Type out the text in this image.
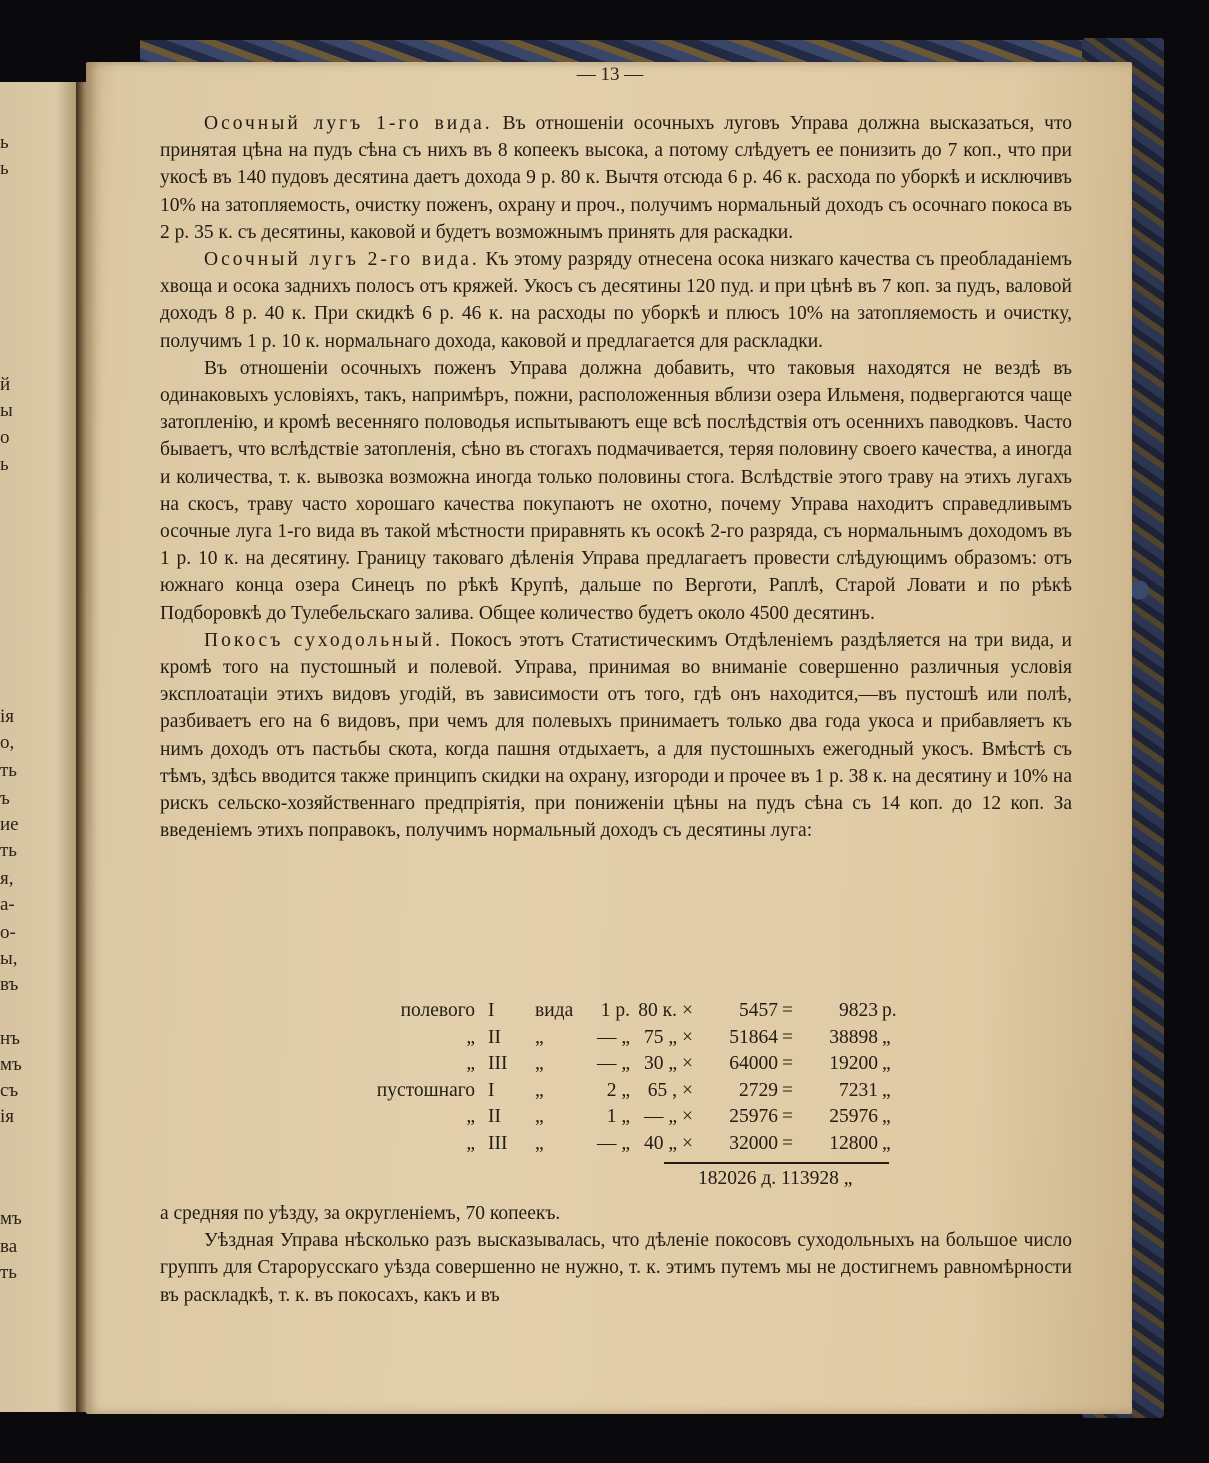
ь
ь
й
ы
о
ь
ія
о,
ть
ъ
ие
ть
я,
а-
о-
ы,
въ
нъ
мъ
съ
ія
мъ
ва
ть
— 13 —

Осочный лугъ 1-го вида. Въ отношеніи осочныхъ луговъ Управа должна высказаться, что принятая цѣна на пудъ сѣна съ нихъ въ 8 копеекъ высока, а потому слѣдуетъ ее понизить до 7 коп., что при укосѣ въ 140 пудовъ десятина даетъ дохода 9 р. 80 к. Вычтя отсюда 6 р. 46 к. расхода по уборкѣ и исключивъ 10% на затопляемость, очистку поженъ, охрану и проч., получимъ нормальный доходъ съ осочнаго покоса въ 2 р. 35 к. съ десятины, каковой и будетъ возможнымъ принять для раскадки.

Осочный лугъ 2-го вида. Къ этому разряду отнесена осока низкаго качества съ преобладаніемъ хвоща и осока заднихъ полосъ отъ кряжей. Укосъ съ десятины 120 пуд. и при цѣнѣ въ 7 коп. за пудъ, валовой доходъ 8 р. 40 к. При скидкѣ 6 р. 46 к. на расходы по уборкѣ и плюсъ 10% на затопляемость и очистку, получимъ 1 р. 10 к. нормальнаго дохода, каковой и предлагается для раскладки.

Въ отношеніи осочныхъ поженъ Управа должна добавить, что таковыя находятся не вездѣ въ одинаковыхъ условіяхъ, такъ, напримѣръ, пожни, расположенныя вблизи озера Ильменя, подвергаются чаще затопленію, и кромѣ весенняго половодья испытываютъ еще всѣ послѣдствія отъ осеннихъ паводковъ. Часто бываетъ, что вслѣдствіе затопленія, сѣно въ стогахъ подмачивается, теряя половину своего качества, а иногда и количества, т. к. вывозка возможна иногда только половины стога. Вслѣдствіе этого траву на этихъ лугахъ на скосъ, траву часто хорошаго качества покупаютъ не охотно, почему Управа находитъ справедливымъ осочные луга 1-го вида въ такой мѣстности приравнять къ осокѣ 2-го разряда, съ нормальнымъ доходомъ въ 1 р. 10 к. на десятину. Границу таковаго дѣленія Управа предлагаетъ провести слѣдующимъ образомъ: отъ южнаго конца озера Синецъ по рѣкѣ Крупѣ, дальше по Верготи, Раплѣ, Старой Ловати и по рѣкѣ Подборовкѣ до Тулебельскаго залива. Общее количество будетъ около 4500 десятинъ.

Покосъ суходольный. Покосъ этотъ Статистическимъ Отдѣленіемъ раздѣляется на три вида, и кромѣ того на пустошный и полевой. Управа, принимая во вниманіе совершенно различныя условія эксплоатаціи этихъ видовъ угодій, въ зависимости отъ того, гдѣ онъ находится,—въ пустошѣ или полѣ, разбиваетъ его на 6 видовъ, при чемъ для полевыхъ принимаетъ только два года укоса и прибавляетъ къ нимъ доходъ отъ пастьбы скота, когда пашня отдыхаетъ, а для пустошныхъ ежегодный укосъ. Вмѣстѣ съ тѣмъ, здѣсь вводится также принципъ скидки на охрану, изгороди и прочее въ 1 р. 38 к. на десятину и 10% на рискъ сельско-хозяйственнаго предпріятія, при пониженіи цѣны на пудъ сѣна съ 14 коп. до 12 коп. За введеніемъ этихъ поправокъ, получимъ нормальный доходъ съ десятины луга:

полевого I вида	1 р. 80 к. ×	5457 =	9823 р.
„ II „	— „ 75 „ ×	51864 =	38898 „
„ III „	— „ 30 „ ×	64000 =	19200 „
пустошнаго I „	2 „ 65 , ×	2729 =	7231 „
„ II „	1 „ — „ ×	25976 =	25976 „
„ III „	— „ 40 „ ×	32000 =	12800 „
182026 д. 113928 „

а средняя по уѣзду, за округленіемъ, 70 копеекъ.

Уѣздная Управа нѣсколько разъ высказывалась, что дѣленіе покосовъ суходольныхъ на большое число группъ для Старорусскаго уѣзда совершенно не нужно, т. к. этимъ путемъ мы не достигнемъ равномѣрности въ раскладкѣ, т. к. въ покосахъ, какъ и въ
